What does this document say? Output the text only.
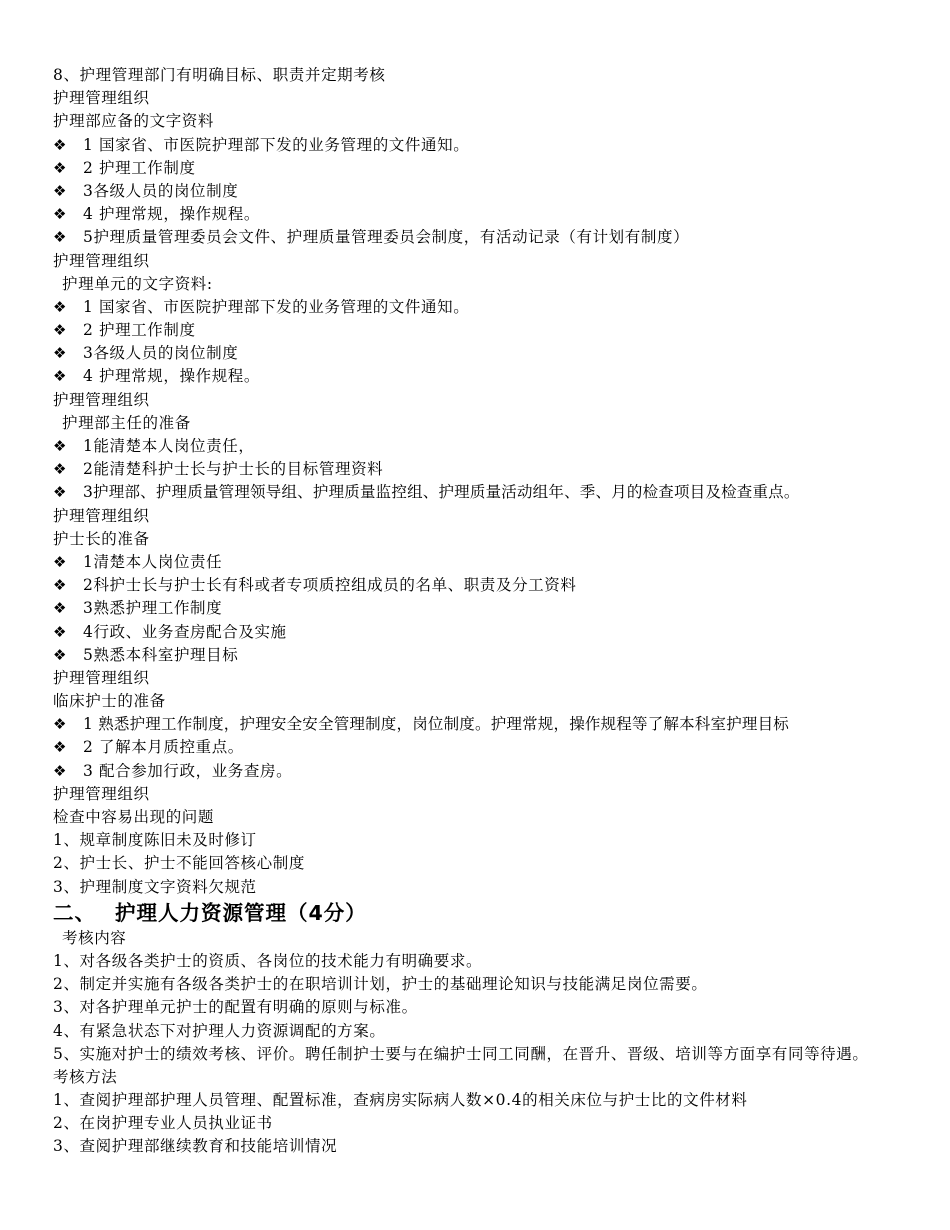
8、护理管理部门有明确目标、职责并定期考核
护理管理组织
护理部应备的文字资料
❖ 1 国家省、市医院护理部下发的业务管理的文件通知。
❖ 2 护理工作制度
❖ 3各级人员的岗位制度
❖ 4 护理常规，操作规程。
❖ 5护理质量管理委员会文件、护理质量管理委员会制度，有活动记录（有计划有制度）
护理管理组织
护理单元的文字资料:
❖ 1 国家省、市医院护理部下发的业务管理的文件通知。
❖ 2 护理工作制度
❖ 3各级人员的岗位制度
❖ 4 护理常规，操作规程。
护理管理组织
护理部主任的准备
❖ 1能清楚本人岗位责任，
❖ 2能清楚科护士长与护士长的目标管理资料
❖ 3护理部、护理质量管理领导组、护理质量监控组、护理质量活动组年、季、月的检查项目及检查重点。
护理管理组织
护士长的准备
❖ 1清楚本人岗位责任
❖ 2科护士长与护士长有科或者专项质控组成员的名单、职责及分工资料
❖ 3熟悉护理工作制度
❖ 4行政、业务查房配合及实施
❖ 5熟悉本科室护理目标
护理管理组织
临床护士的准备
❖ 1 熟悉护理工作制度，护理安全安全管理制度，岗位制度。护理常规，操作规程等了解本科室护理目标
❖ 2 了解本月质控重点。
❖ 3 配合参加行政，业务查房。
护理管理组织
检查中容易出现的问题
1、规章制度陈旧未及时修订
2、护士长、护士不能回答核心制度
3、护理制度文字资料欠规范
二、 护理人力资源管理（4分）
考核内容
1、对各级各类护士的资质、各岗位的技术能力有明确要求。
2、制定并实施有各级各类护士的在职培训计划，护士的基础理论知识与技能满足岗位需要。
3、对各护理单元护士的配置有明确的原则与标准。
4、有紧急状态下对护理人力资源调配的方案。
5、实施对护士的绩效考核、评价。聘任制护士要与在编护士同工同酬，在晋升、晋级、培训等方面享有同等待遇。
考核方法
1、查阅护理部护理人员管理、配置标准，查病房实际病人数×0.4的相关床位与护士比的文件材料
2、在岗护理专业人员执业证书
3、查阅护理部继续教育和技能培训情况
